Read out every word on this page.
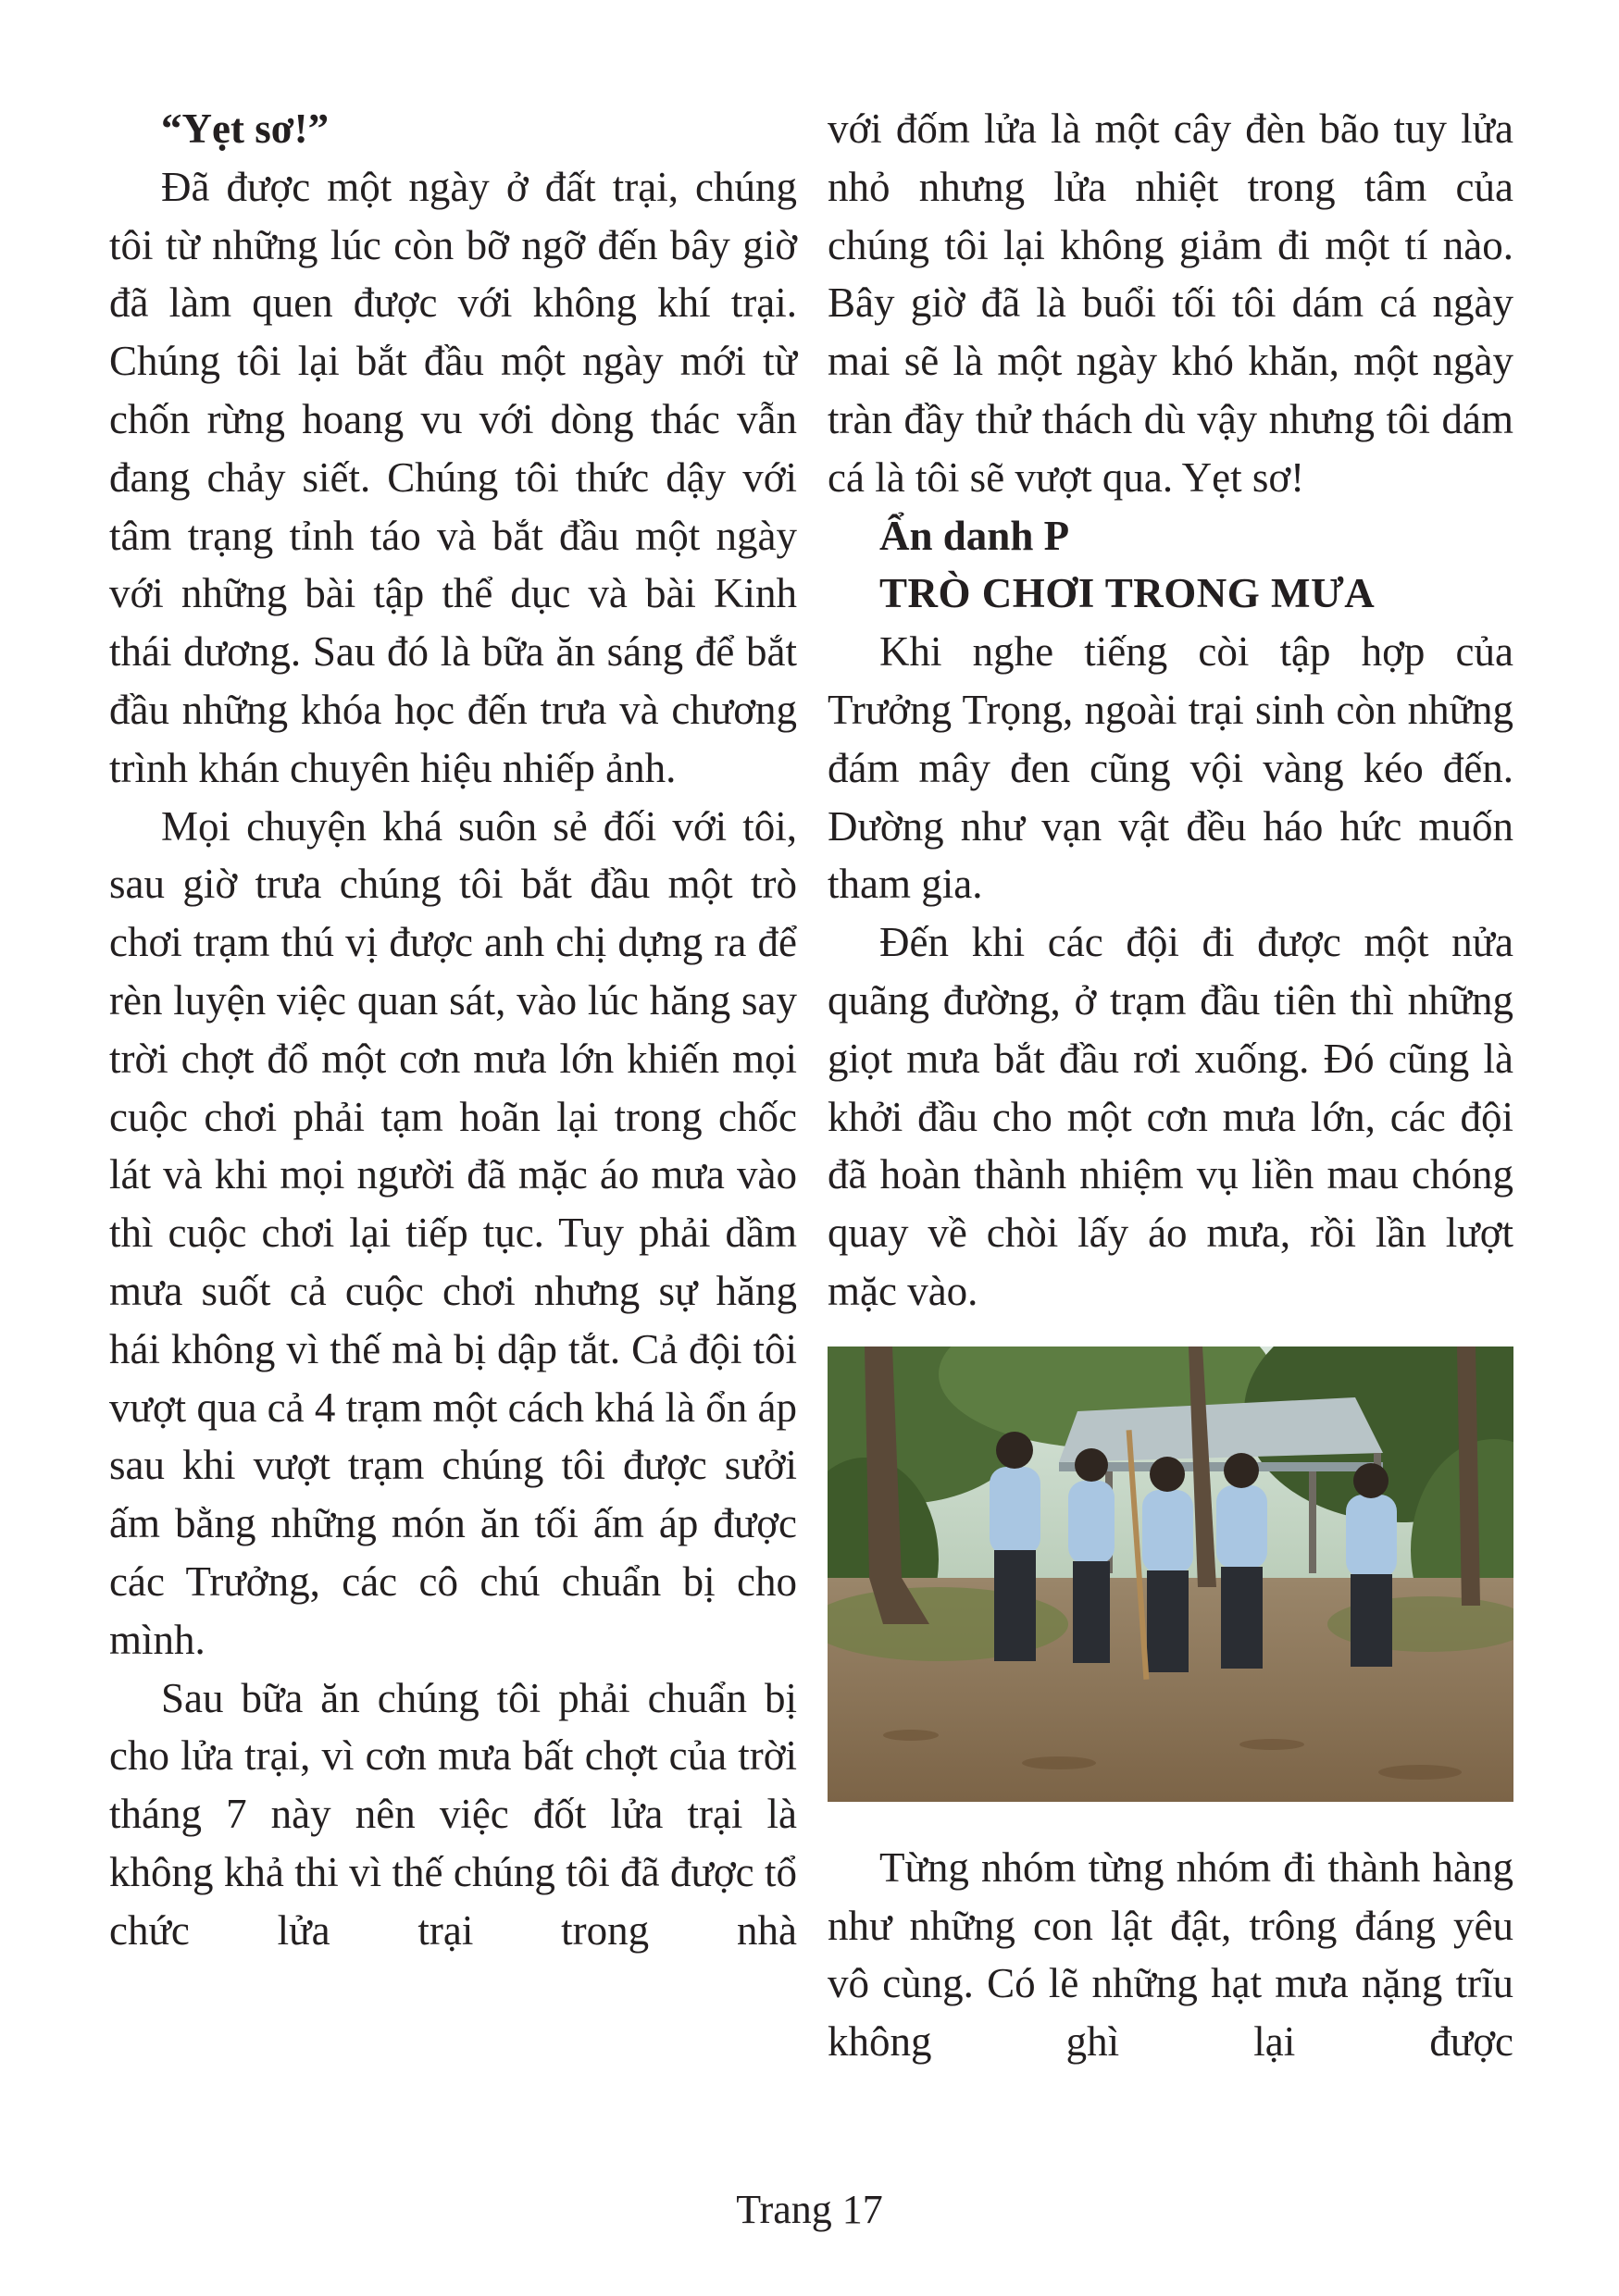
“Yẹt sơ!”

Đã được một ngày ở đất trại, chúng tôi từ những lúc còn bỡ ngỡ đến bây giờ đã làm quen được với không khí trại. Chúng tôi lại bắt đầu một ngày mới từ chốn rừng hoang vu với dòng thác vẫn đang chảy siết. Chúng tôi thức dậy với tâm trạng tỉnh táo và bắt đầu một ngày với những bài tập thể dục và bài Kinh thái dương. Sau đó là bữa ăn sáng để bắt đầu những khóa học đến trưa và chương trình khán chuyên hiệu nhiếp ảnh.

Mọi chuyện khá suôn sẻ đối với tôi, sau giờ trưa chúng tôi bắt đầu một trò chơi trạm thú vị được anh chị dựng ra để rèn luyện việc quan sát, vào lúc hăng say trời chợt đổ một cơn mưa lớn khiến mọi cuộc chơi phải tạm hoãn lại trong chốc lát và khi mọi người đã mặc áo mưa vào thì cuộc chơi lại tiếp tục. Tuy phải dầm mưa suốt cả cuộc chơi nhưng sự hăng hái không vì thế mà bị dập tắt. Cả đội tôi vượt qua cả 4 trạm một cách khá là ổn áp sau khi vượt trạm chúng tôi được sưởi ấm bằng những món ăn tối ấm áp được các Trưởng, các cô chú chuẩn bị cho mình.

Sau bữa ăn chúng tôi phải chuẩn bị cho lửa trại, vì cơn mưa bất chợt của trời tháng 7 này nên việc đốt lửa trại là không khả thi vì thế chúng tôi đã được tổ chức lửa trại trong nhà

với đốm lửa là một cây đèn bão tuy lửa nhỏ nhưng lửa nhiệt trong tâm của chúng tôi lại không giảm đi một tí nào. Bây giờ đã là buổi tối tôi dám cá ngày mai sẽ là một ngày khó khăn, một ngày tràn đầy thử thách dù vậy nhưng tôi dám cá là tôi sẽ vượt qua. Yẹt sơ!

Ẩn danh P

TRÒ CHƠI TRONG MƯA

Khi nghe tiếng còi tập hợp của Trưởng Trọng, ngoài trại sinh còn những đám mây đen cũng vội vàng kéo đến. Dường như vạn vật đều háo hức muốn tham gia.

Đến khi các đội đi được một nửa quãng đường, ở trạm đầu tiên thì những giọt mưa bắt đầu rơi xuống. Đó cũng là khởi đầu cho một cơn mưa lớn, các đội đã hoàn thành nhiệm vụ liền mau chóng quay về chòi lấy áo mưa, rồi lần lượt mặc vào.

Từng nhóm từng nhóm đi thành hàng như những con lật đật, trông đáng yêu vô cùng. Có lẽ những hạt mưa nặng trĩu không ghì lại được

Trang 17
